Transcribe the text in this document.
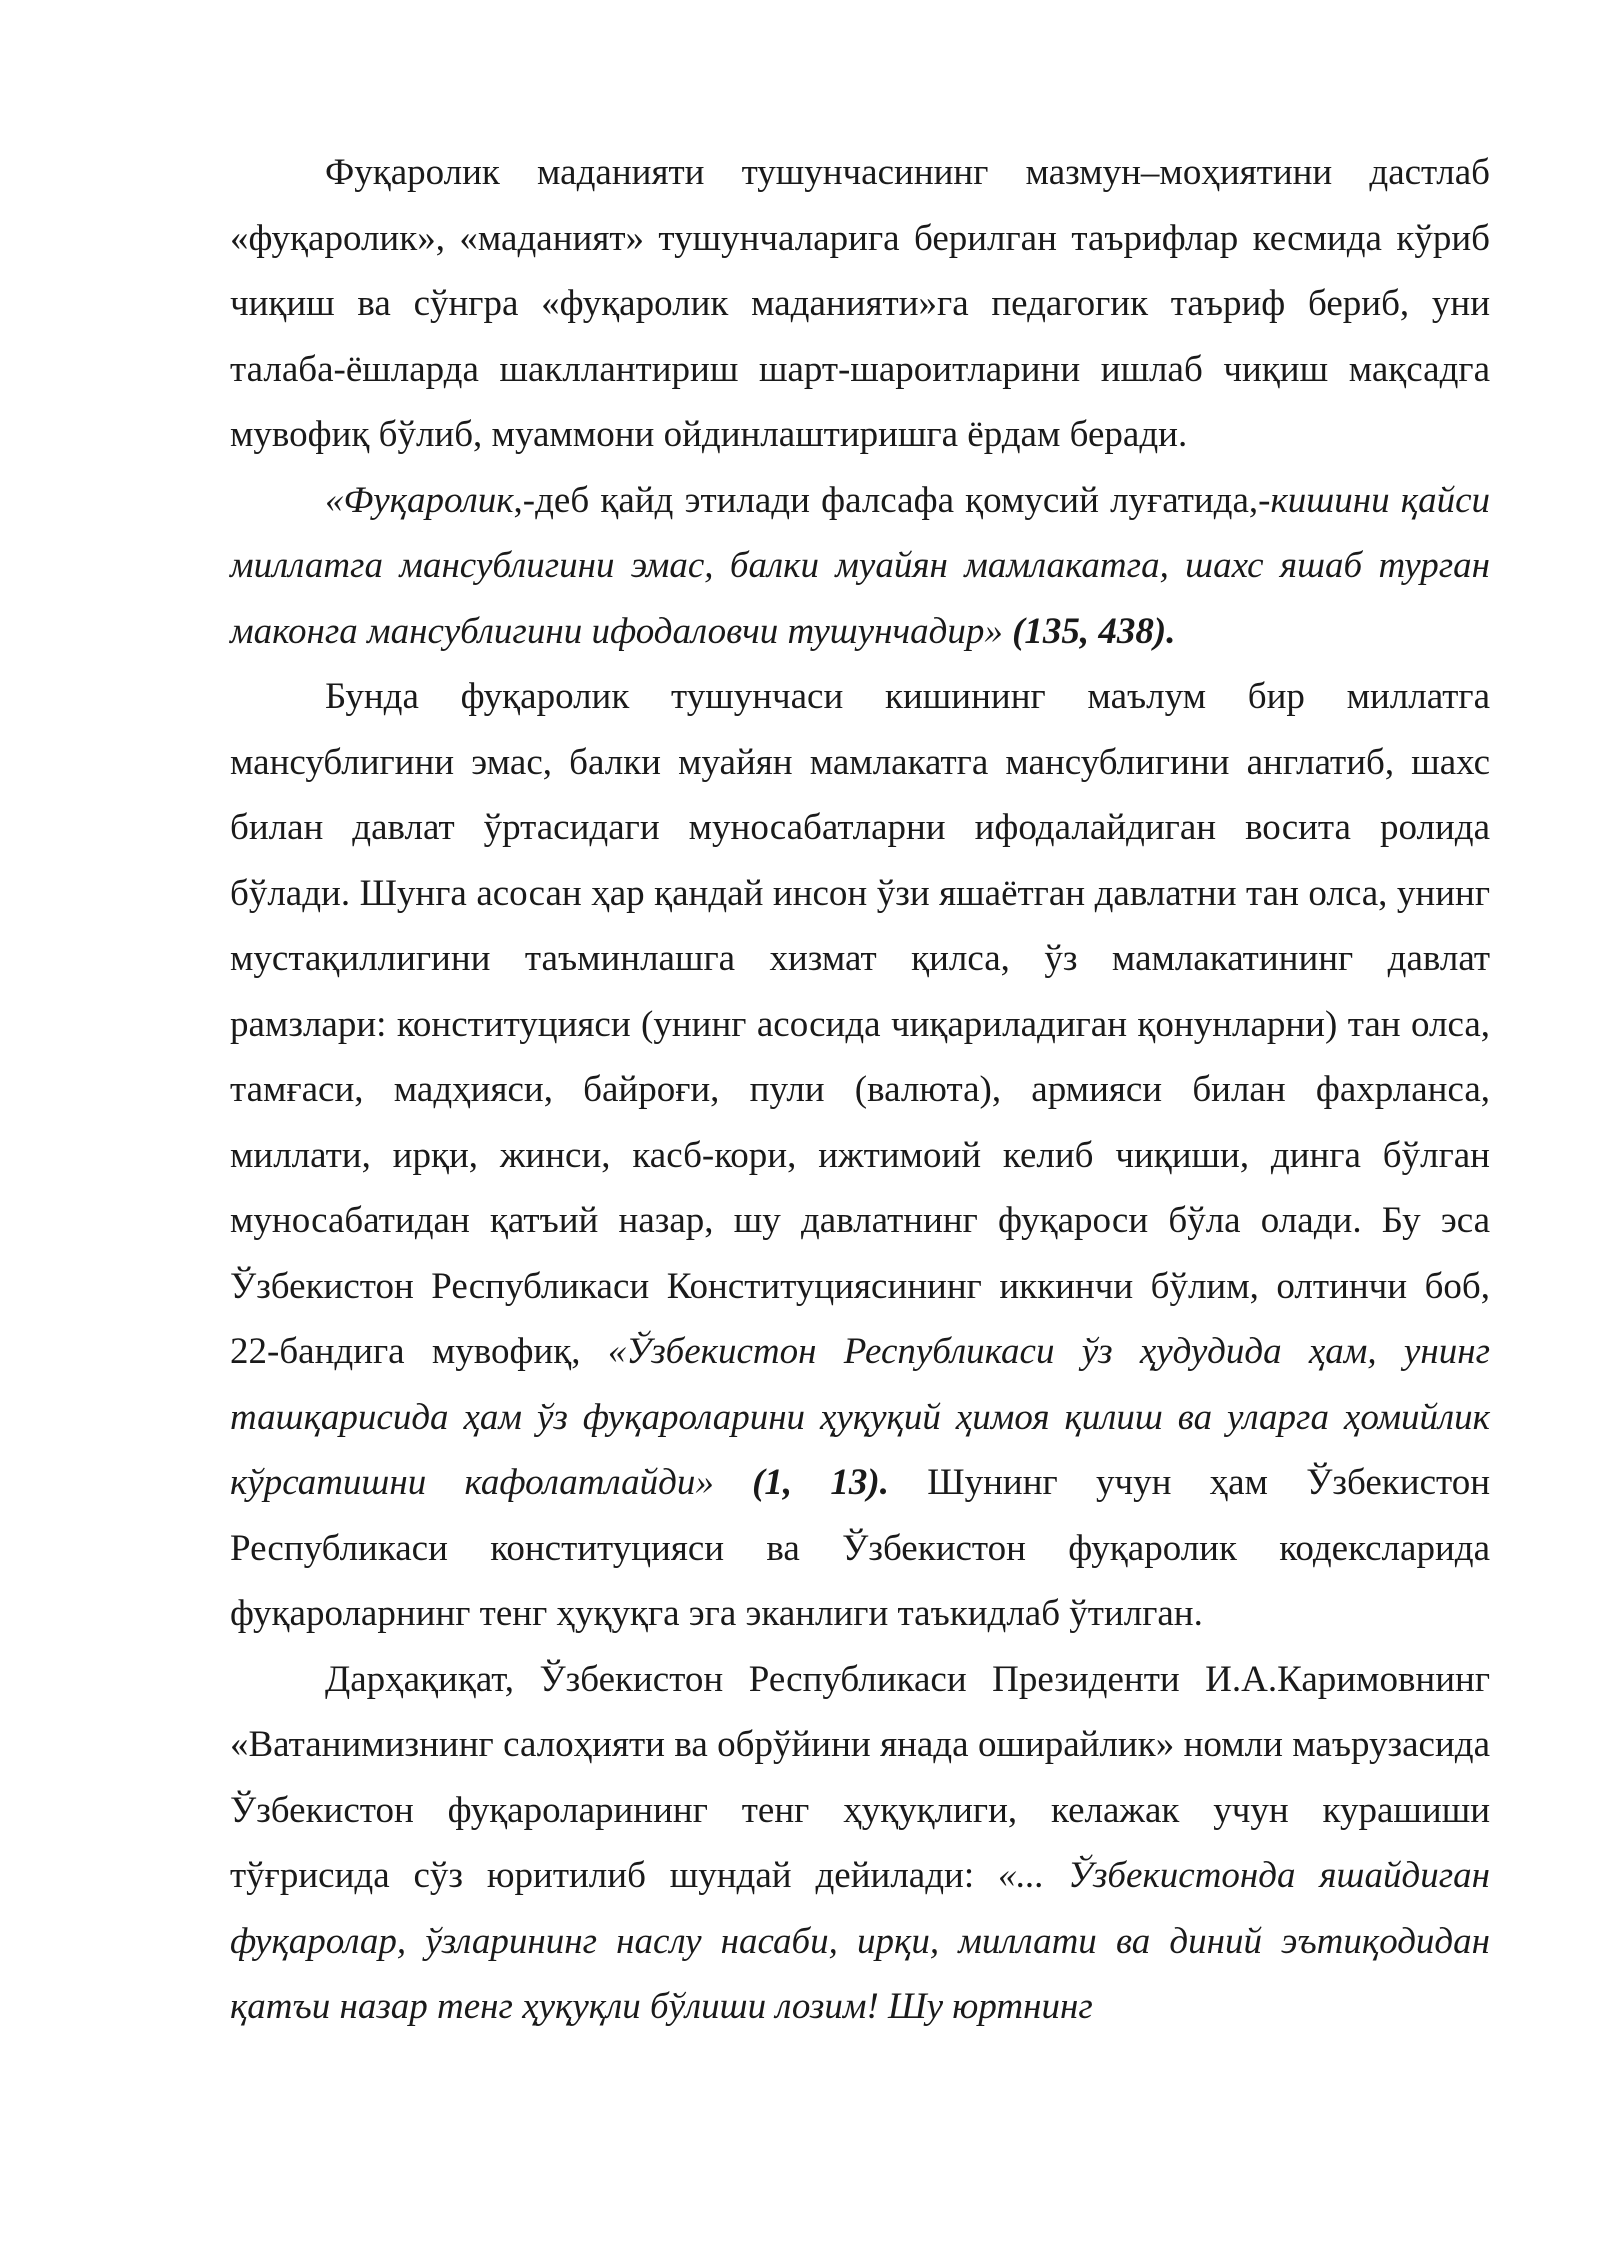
Фуқаролик маданияти тушунчасининг мазмун–моҳиятини дастлаб «фуқаролик», «маданият» тушунчаларига берилган таърифлар кесмида кўриб чиқиш ва сўнгра «фуқаролик маданияти»га педагогик таъриф бериб, уни талаба-ёшларда шакллантириш шарт-шароитларини ишлаб чиқиш мақсадга мувофиқ бўлиб, муаммони ойдинлаштиришга ёрдам беради.

«Фуқаролик,-деб қайд этилади фалсафа қомусий луғатида,-кишини қайси миллатга мансублигини эмас, балки муайян мамлакатга, шахс яшаб турган маконга мансублигини ифодаловчи тушунчадир» (135, 438).

Бунда фуқаролик тушунчаси кишининг маълум бир миллатга мансублигини эмас, балки муайян мамлакатга мансублигини англатиб, шахс билан давлат ўртасидаги муносабатларни ифодалайдиган восита ролида бўлади. Шунга асосан ҳар қандай инсон ўзи яшаётган давлатни тан олса, унинг мустақиллигини таъминлашга хизмат қилса, ўз мамлакатининг давлат рамзлари: конституцияси (унинг асосида чиқариладиган қонунларни) тан олса, тамғаси, мадҳияси, байроғи, пули (валюта), армияси билан фахрланса, миллати, ирқи, жинси, касб-кори, ижтимоий келиб чиқиши, динга бўлган муносабатидан қатъий назар, шу давлатнинг фуқароси бўла олади. Бу эса Ўзбекистон Республикаси Конституциясининг иккинчи бўлим, олтинчи боб, 22-бандига мувофиқ, «Ўзбекистон Республикаси ўз ҳудудида ҳам, унинг ташқарисида ҳам ўз фуқароларини ҳуқуқий ҳимоя қилиш ва уларга ҳомийлик кўрсатишни кафолатлайди» (1, 13). Шунинг учун ҳам Ўзбекистон Республикаси конституцияси ва Ўзбекистон фуқаролик кодексларида фуқароларнинг тенг ҳуқуқга эга эканлиги таъкидлаб ўтилган.

Дарҳақиқат, Ўзбекистон Республикаси Президенти И.А.Каримовнинг «Ватанимизнинг салоҳияти ва обрўйини янада оширайлик» номли маърузасида Ўзбекистон фуқароларининг тенг ҳуқуқлиги, келажак учун курашиши тўғрисида сўз юритилиб шундай дейилади: «... Ўзбекистонда яшайдиган фуқаролар, ўзларининг наслу насаби, ирқи, миллати ва диний эътиқодидан қатъи назар тенг ҳуқуқли бўлиши лозим! Шу юртнинг
